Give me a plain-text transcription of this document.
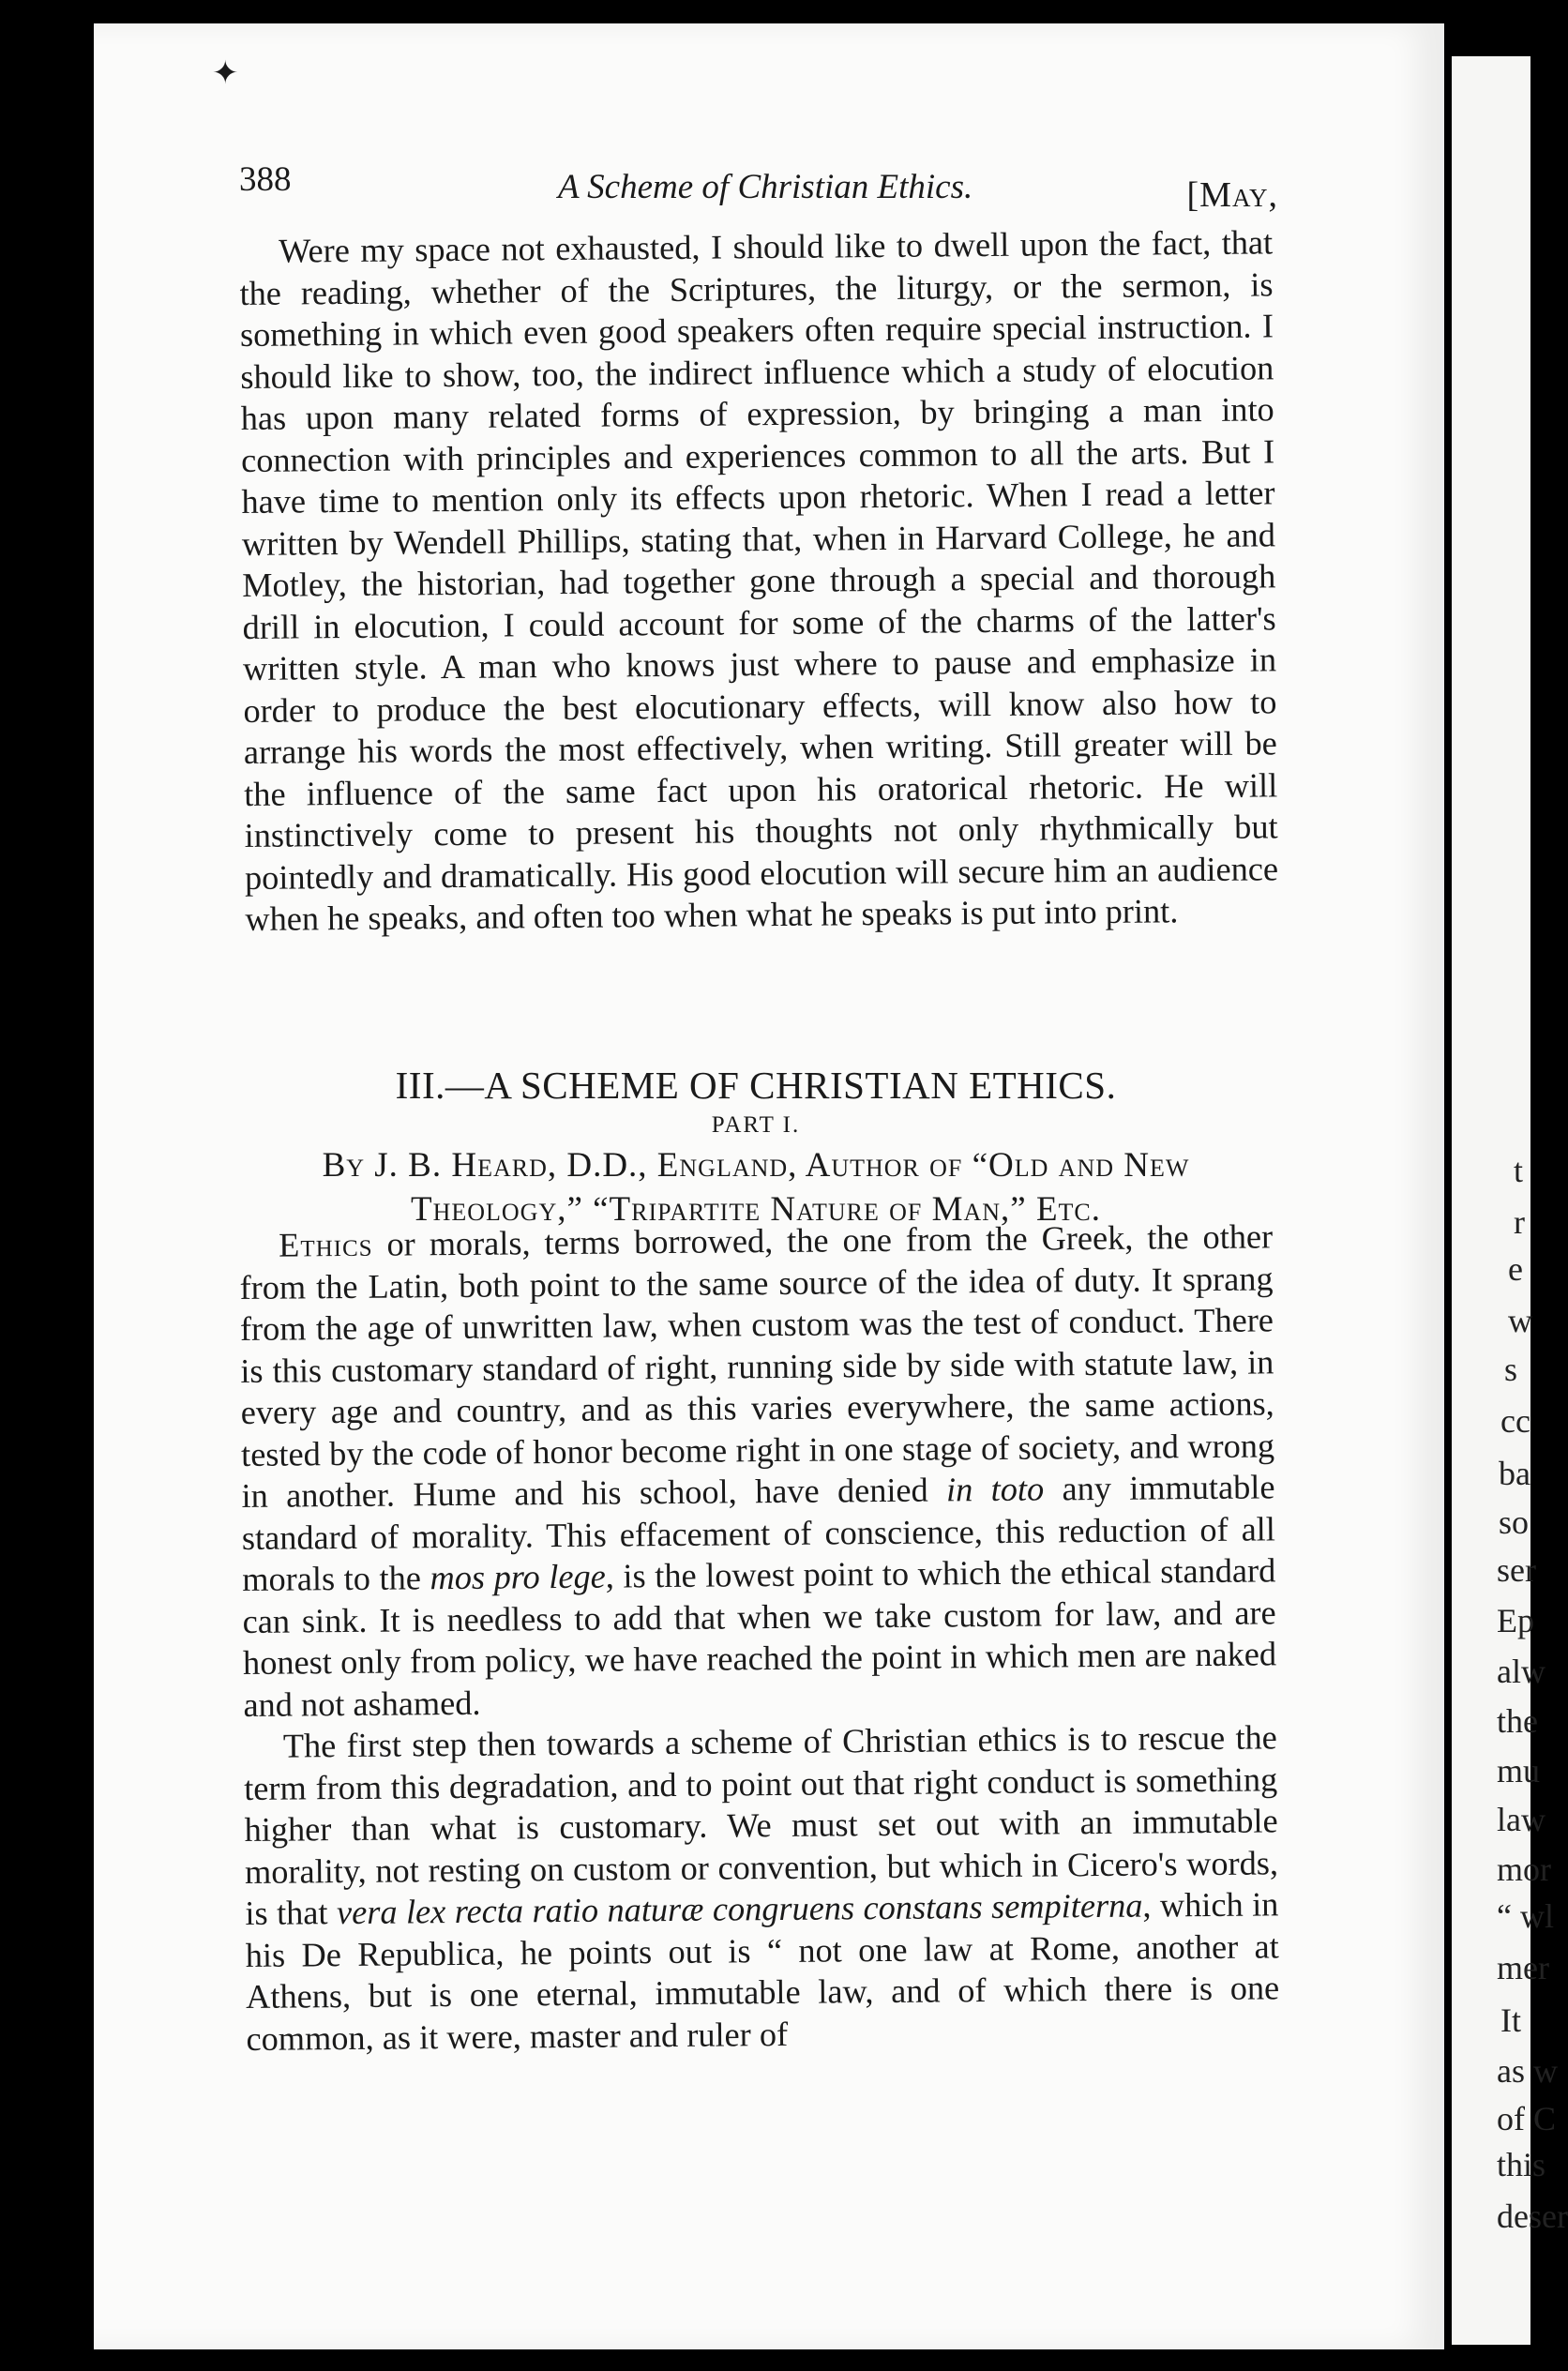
✦
388	A Scheme of Christian Ethics.	[May,

Were my space not exhausted, I should like to dwell upon the fact, that the reading, whether of the Scriptures, the liturgy, or the sermon, is something in which even good speakers often require special instruction. I should like to show, too, the indirect influence which a study of elocution has upon many related forms of expression, by bringing a man into connection with principles and experiences common to all the arts. But I have time to mention only its effects upon rhetoric. When I read a letter written by Wendell Phillips, stating that, when in Harvard College, he and Motley, the historian, had together gone through a special and thorough drill in elocution, I could account for some of the charms of the latter's written style. A man who knows just where to pause and emphasize in order to produce the best elocutionary effects, will know also how to arrange his words the most effectively, when writing. Still greater will be the influence of the same fact upon his oratorical rhetoric. He will instinctively come to present his thoughts not only rhythmically but pointedly and dramatically. His good elocution will secure him an audience when he speaks, and often too when what he speaks is put into print.

III.—A SCHEME OF CHRISTIAN ETHICS.
PART I.
By J. B. Heard, D.D., England, Author of “Old and New
Theology,” “Tripartite Nature of Man,” Etc.

Ethics or morals, terms borrowed, the one from the Greek, the other from the Latin, both point to the same source of the idea of duty. It sprang from the age of unwritten law, when custom was the test of conduct. There is this customary standard of right, running side by side with statute law, in every age and country, and as this varies everywhere, the same actions, tested by the code of honor become right in one stage of society, and wrong in another. Hume and his school, have denied in toto any immutable standard of morality. This effacement of conscience, this reduction of all morals to the mos pro lege, is the lowest point to which the ethical standard can sink. It is needless to add that when we take custom for law, and are honest only from policy, we have reached the point in which men are naked and not ashamed.

The first step then towards a scheme of Christian ethics is to rescue the term from this degradation, and to point out that right conduct is something higher than what is customary. We must set out with an immutable morality, not resting on custom or convention, but which in Cicero's words, is that vera lex recta ratio naturæ congruens constans sempiterna, which in his De Republica, he points out is “ not one law at Rome, another at Athens, but is one eternal, immutable law, and of which there is one common, as it were, master and ruler of

t
r
e
w
s
cc
ba
so
ser
Ep
alw
the
mu
law
mor
“ wl
mer
It
as w
of C
this
deser
